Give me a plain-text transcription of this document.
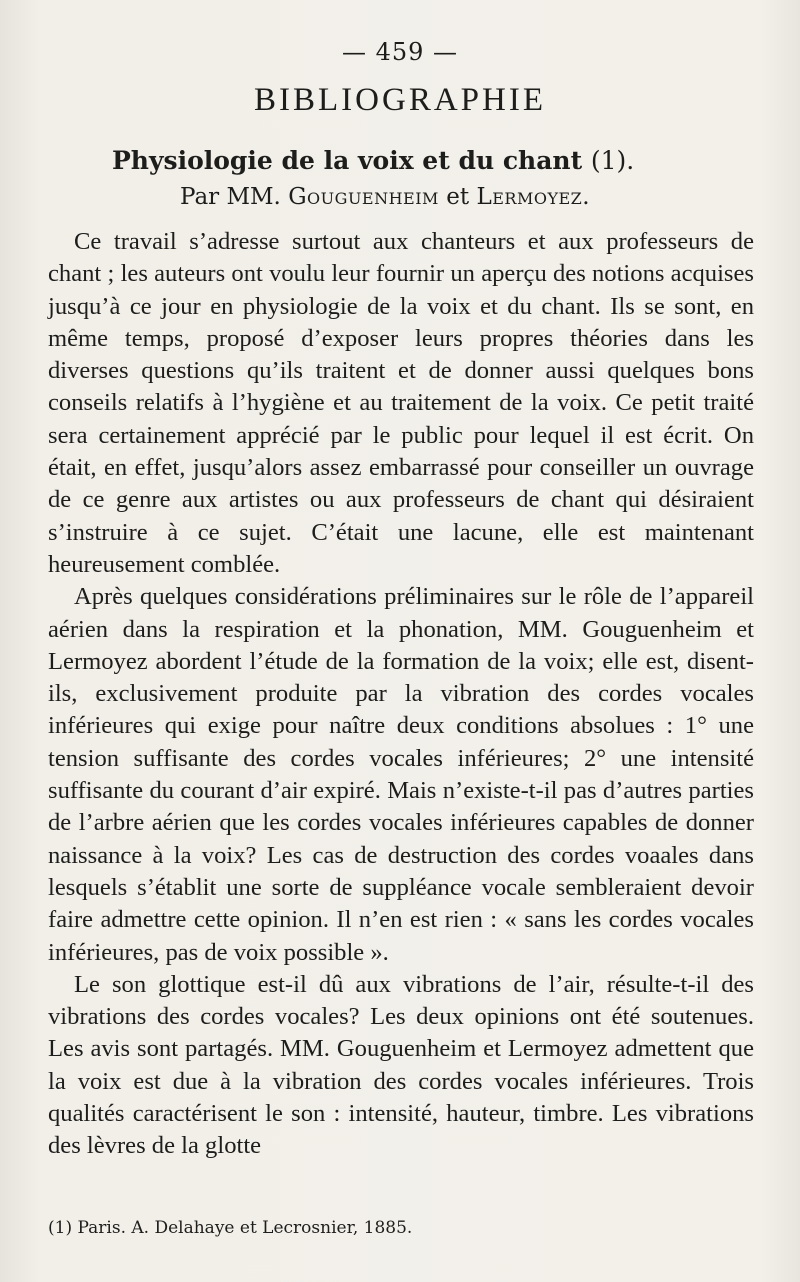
— 459 —
BIBLIOGRAPHIE
Physiologie de la voix et du chant (1).
Par MM. Gouguenheim et Lermoyez.

Ce travail s’adresse surtout aux chanteurs et aux professeurs de chant ; les auteurs ont voulu leur fournir un aperçu des notions acquises jusqu’à ce jour en physiologie de la voix et du chant. Ils se sont, en même temps, proposé d’exposer leurs propres théories dans les diverses questions qu’ils traitent et de donner aussi quelques bons conseils relatifs à l’hygiène et au traitement de la voix. Ce petit traité sera certainement apprécié par le public pour lequel il est écrit. On était, en effet, jusqu’alors assez embarrassé pour conseiller un ouvrage de ce genre aux artistes ou aux professeurs de chant qui désiraient s’instruire à ce sujet. C’était une lacune, elle est maintenant heureusement comblée.

Après quelques considérations préliminaires sur le rôle de l’appareil aérien dans la respiration et la phonation, MM. Gouguenheim et Lermoyez abordent l’étude de la formation de la voix; elle est, disent-ils, exclusivement produite par la vibration des cordes vocales inférieures qui exige pour naître deux conditions absolues : 1° une tension suffisante des cordes vocales inférieures; 2° une intensité suffisante du courant d’air expiré. Mais n’existe-t-il pas d’autres parties de l’arbre aérien que les cordes vocales inférieures capables de donner naissance à la voix? Les cas de destruction des cordes voaales dans lesquels s’établit une sorte de suppléance vocale sembleraient devoir faire admettre cette opinion. Il n’en est rien : « sans les cordes vocales inférieures, pas de voix possible ».

Le son glottique est-il dû aux vibrations de l’air, résulte-t-il des vibrations des cordes vocales? Les deux opinions ont été soutenues. Les avis sont partagés. MM. Gouguenheim et Lermoyez admettent que la voix est due à la vibration des cordes vocales inférieures. Trois qualités caractérisent le son : intensité, hauteur, timbre. Les vibrations des lèvres de la glotte

(1) Paris. A. Delahaye et Lecrosnier, 1885.
